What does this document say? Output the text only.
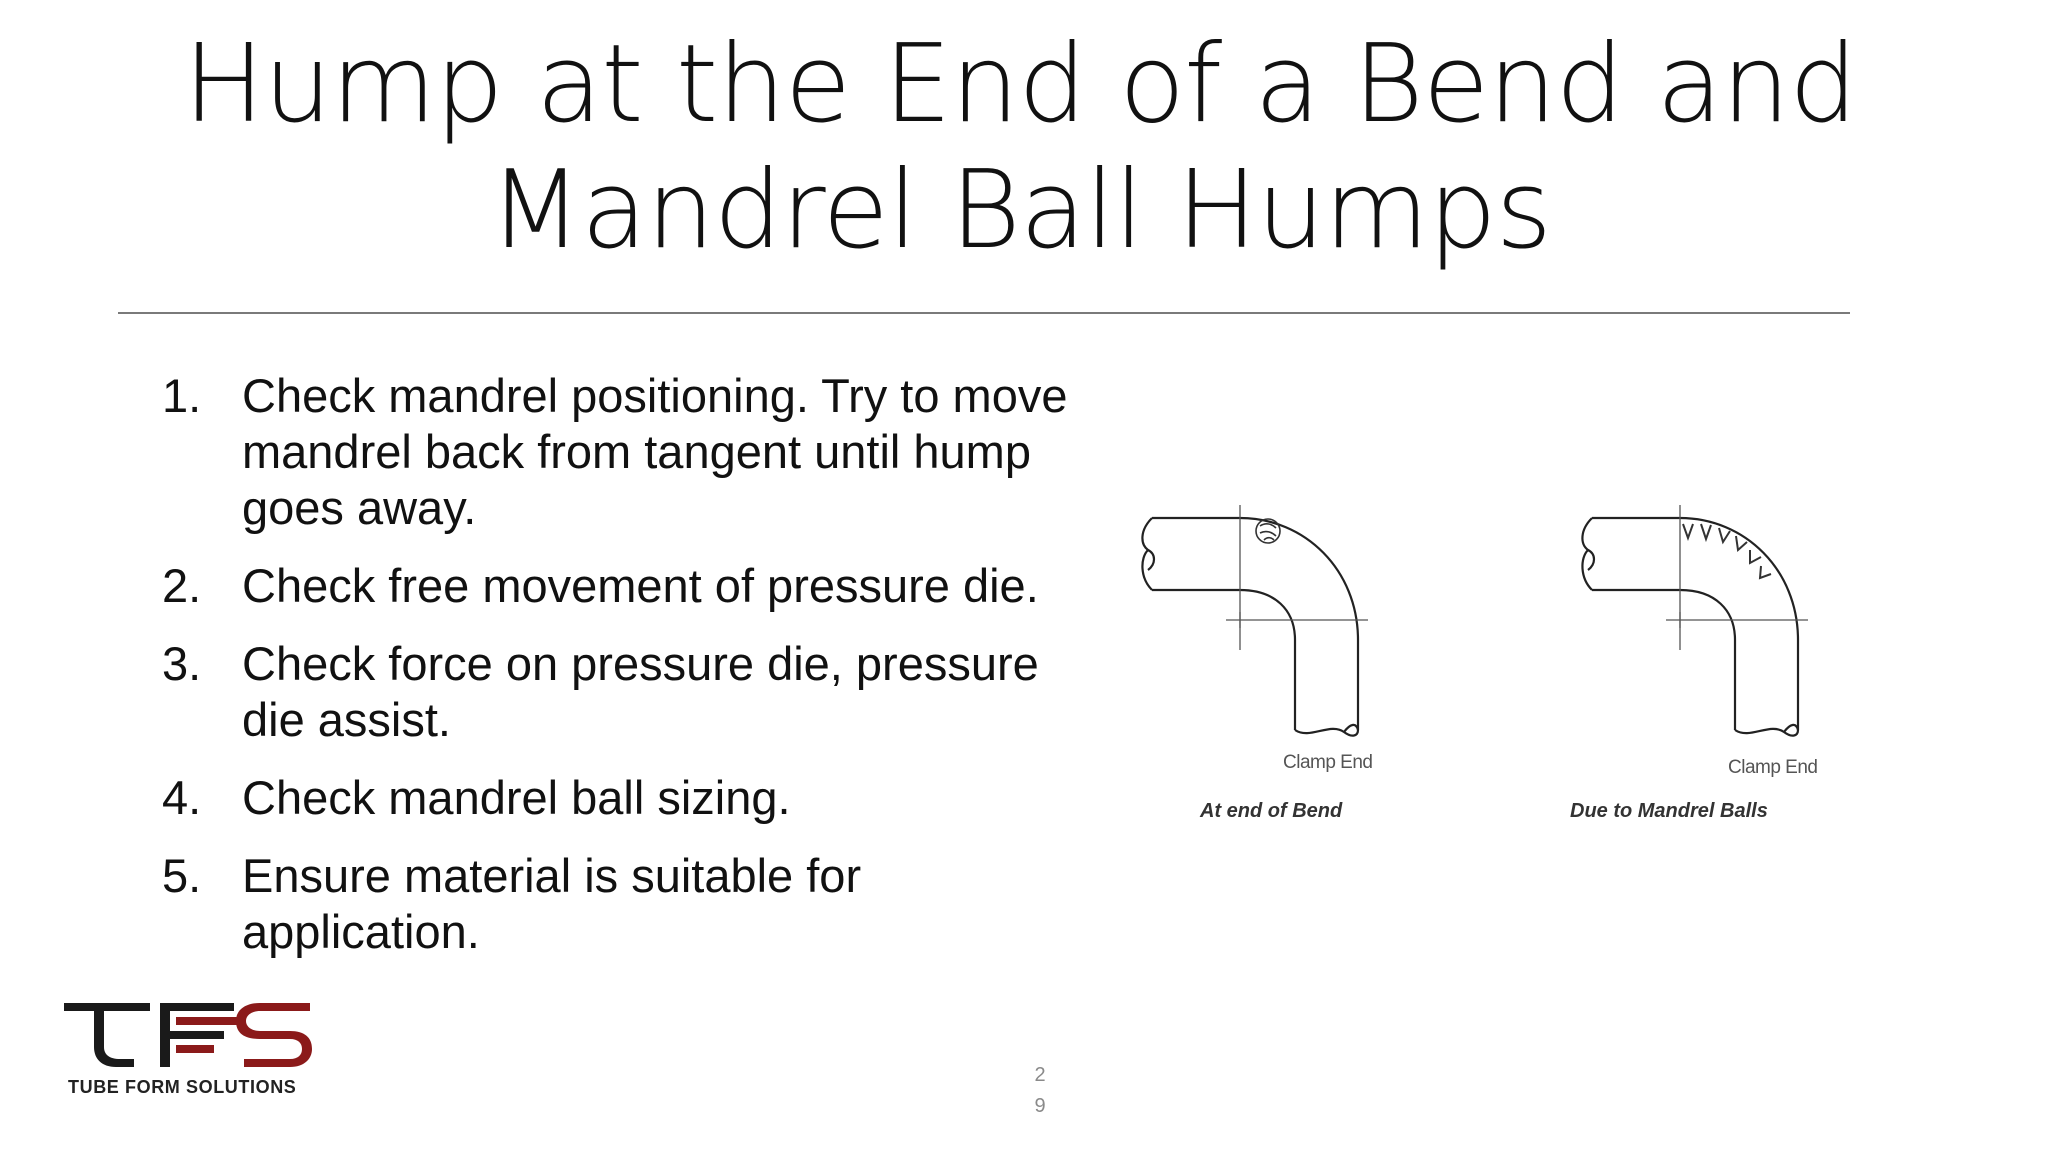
Hump at the End of a Bend and
Mandrel Ball Humps
1. Check mandrel positioning. Try to move mandrel back from tangent until hump goes away.
2. Check free movement of pressure die.
3. Check force on pressure die, pressure die assist.
4. Check mandrel ball sizing.
5. Ensure material is suitable for application.
Clamp End
At end of Bend
Clamp End
Due to Mandrel Balls
TUBE FORM SOLUTIONS
2
9
